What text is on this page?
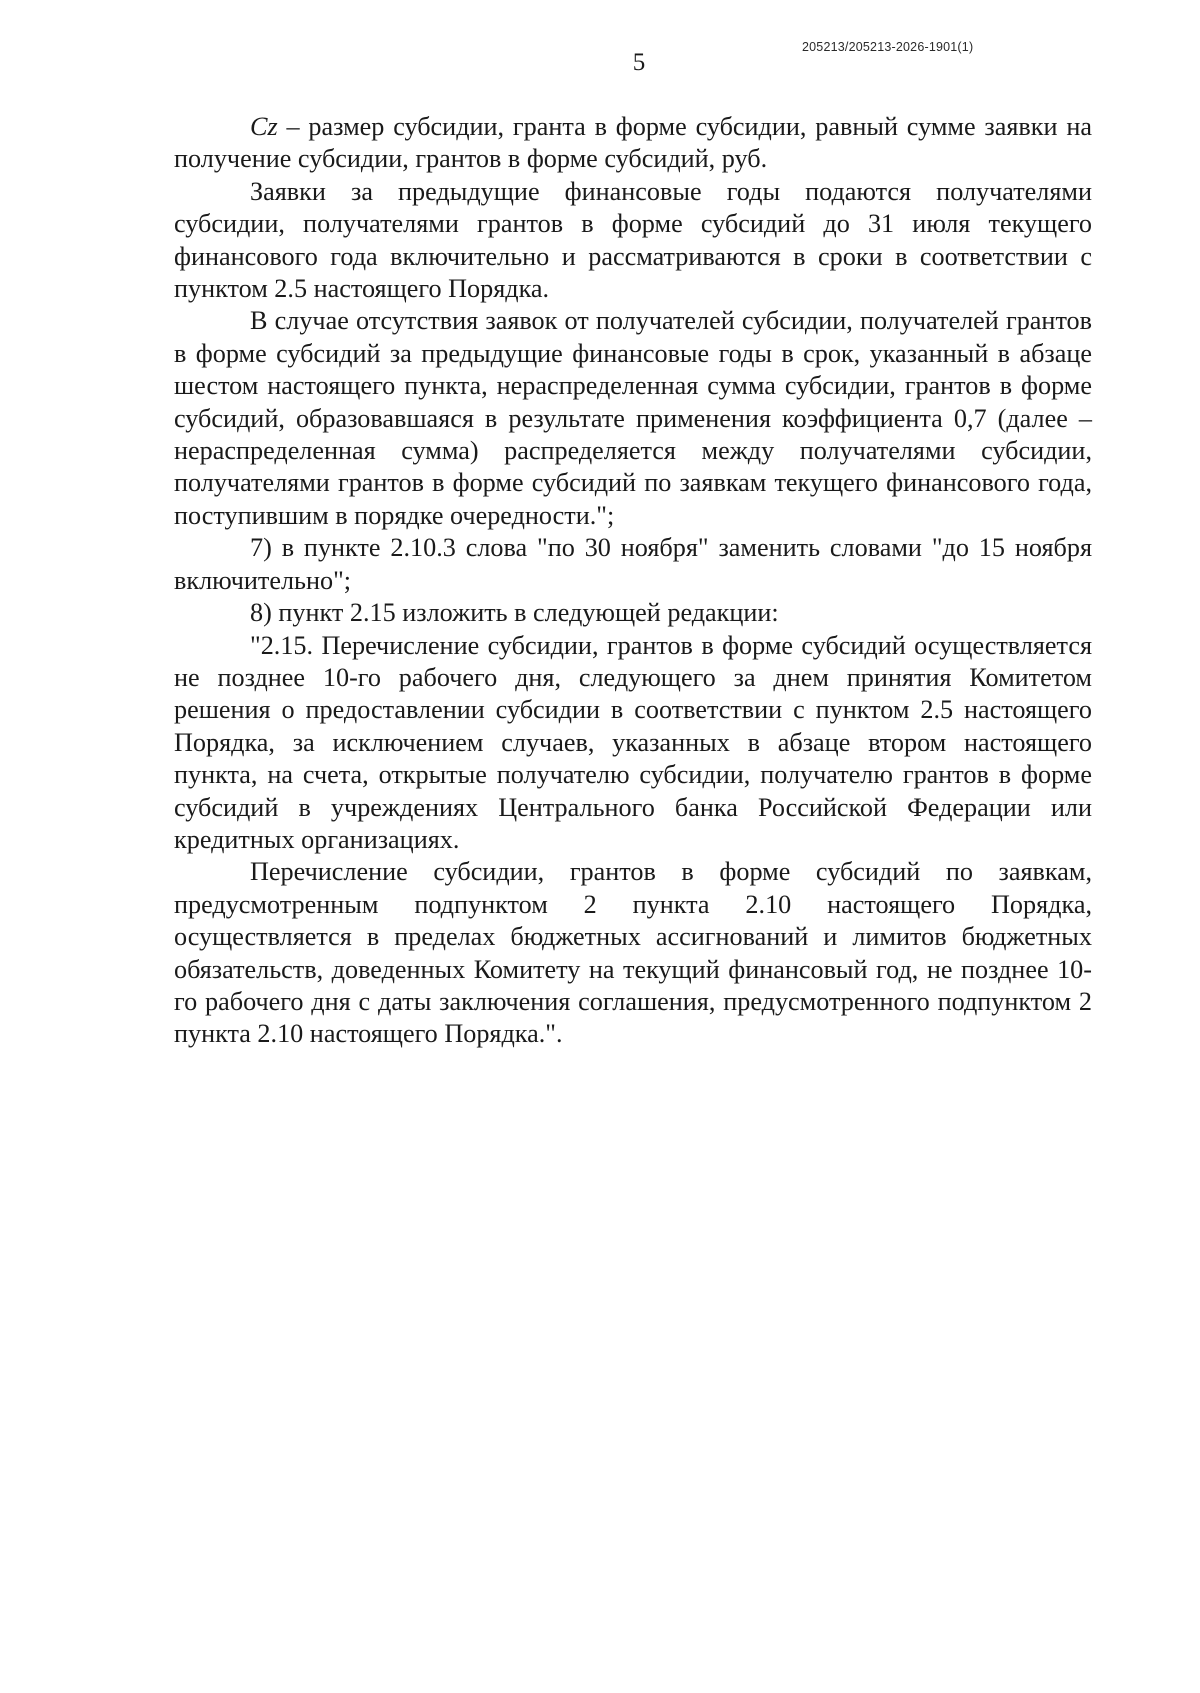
205213/205213-2026-1901(1)
5

Cz – размер субсидии, гранта в форме субсидии, равный сумме заявки на получение субсидии, грантов в форме субсидий, руб.

Заявки за предыдущие финансовые годы подаются получателями субсидии, получателями грантов в форме субсидий до 31 июля текущего финансового года включительно и рассматриваются в сроки в соответствии с пунктом 2.5 настоящего Порядка.

В случае отсутствия заявок от получателей субсидии, получателей грантов в форме субсидий за предыдущие финансовые годы в срок, указанный в абзаце шестом настоящего пункта, нераспределенная сумма субсидии, грантов в форме субсидий, образовавшаяся в результате применения коэффициента 0,7 (далее – нераспределенная сумма) распределяется между получателями субсидии, получателями грантов в форме субсидий по заявкам текущего финансового года, поступившим в порядке очередности.";

7) в пункте 2.10.3 слова "по 30 ноября" заменить словами "до 15 ноября включительно";

8) пункт 2.15 изложить в следующей редакции:

"2.15. Перечисление субсидии, грантов в форме субсидий осуществляется не позднее 10-го рабочего дня, следующего за днем принятия Комитетом решения о предоставлении субсидии в соответствии с пунктом 2.5 настоящего Порядка, за исключением случаев, указанных в абзаце втором настоящего пункта, на счета, открытые получателю субсидии, получателю грантов в форме субсидий в учреждениях Центрального банка Российской Федерации или кредитных организациях.

Перечисление субсидии, грантов в форме субсидий по заявкам, предусмотренным подпунктом 2 пункта 2.10 настоящего Порядка, осуществляется в пределах бюджетных ассигнований и лимитов бюджетных обязательств, доведенных Комитету на текущий финансовый год, не позднее 10-го рабочего дня с даты заключения соглашения, предусмотренного подпунктом 2 пункта 2.10 настоящего Порядка.".
